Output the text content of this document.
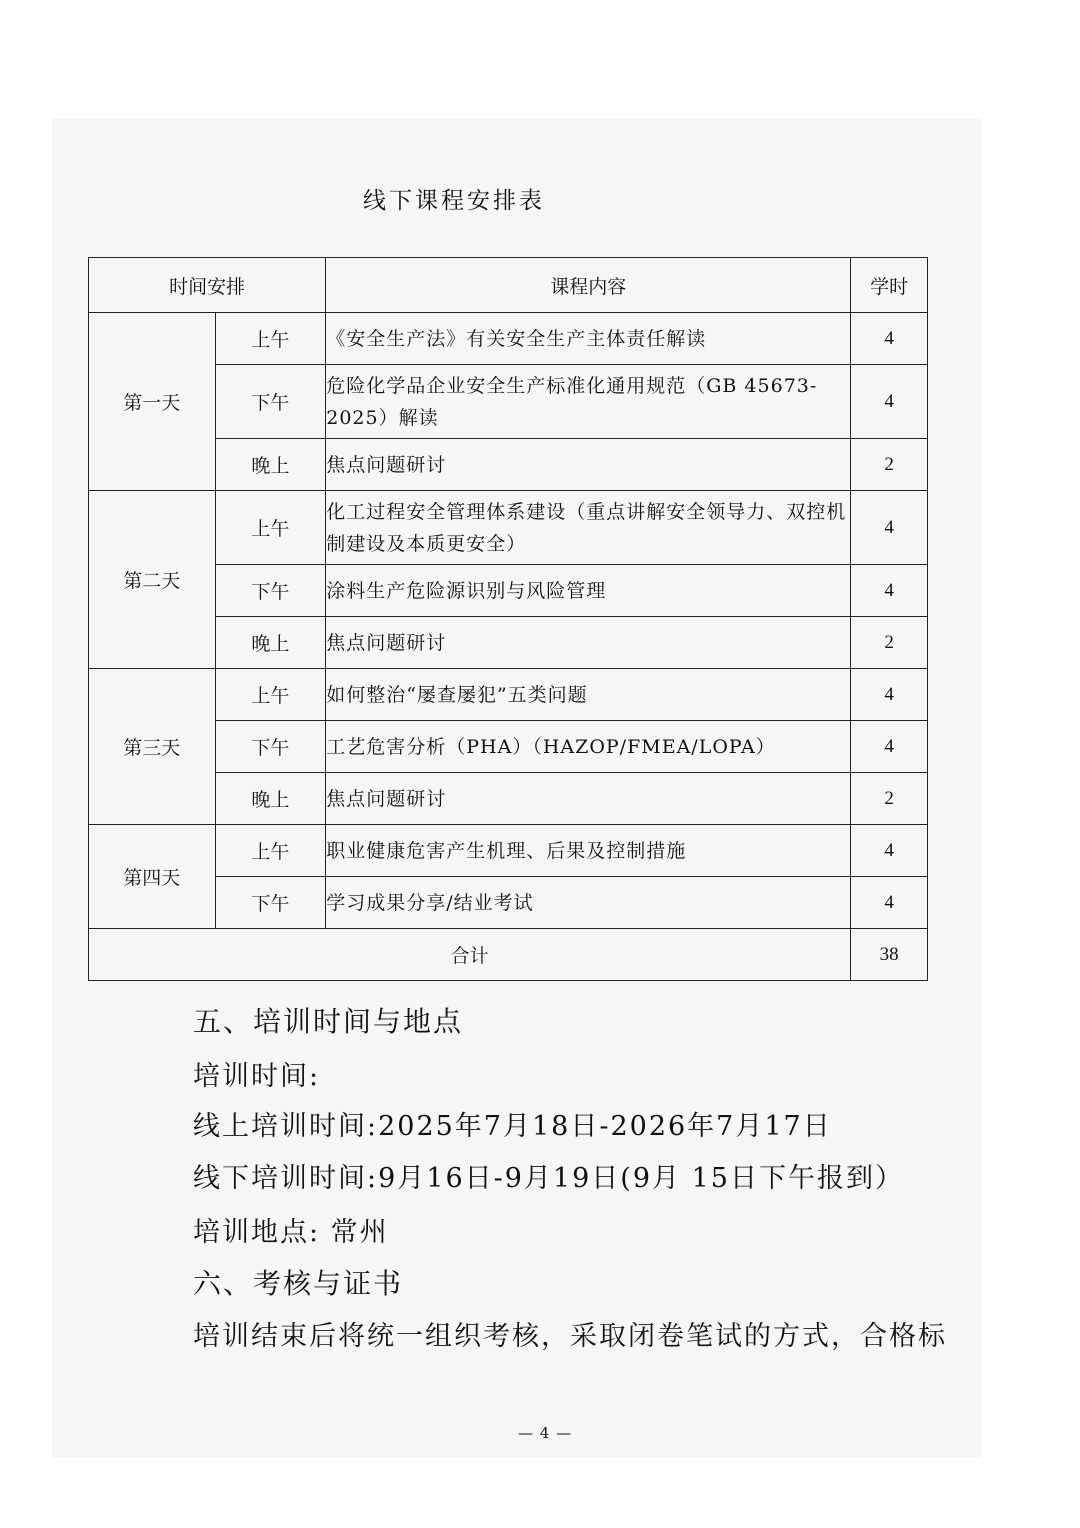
线下课程安排表
时间安排		课程内容	学时
第一天	上午	《安全生产法》有关安全生产主体责任解读	4
	下午	危险化学品企业安全生产标准化通用规范（GB 45673-2025）解读	4
	晚上	焦点问题研讨	2
第二天	上午	化工过程安全管理体系建设（重点讲解安全领导力、双控机制建设及本质更安全）	4
	下午	涂料生产危险源识别与风险管理	4
	晚上	焦点问题研讨	2
第三天	上午	如何整治“屡查屡犯”五类问题	4
	下午	工艺危害分析（PHA）（HAZOP/FMEA/LOPA）	4
	晚上	焦点问题研讨	2
第四天	上午	职业健康危害产生机理、后果及控制措施	4
	下午	学习成果分享/结业考试	4
合计			38
五、培训时间与地点
培训时间:
线上培训时间:2025年7月18日-2026年7月17日
线下培训时间:9月16日-9月19日(9月 15日下午报到）
培训地点: 常州
六、考核与证书
培训结束后将统一组织考核，采取闭卷笔试的方式，合格标
— 4 —
